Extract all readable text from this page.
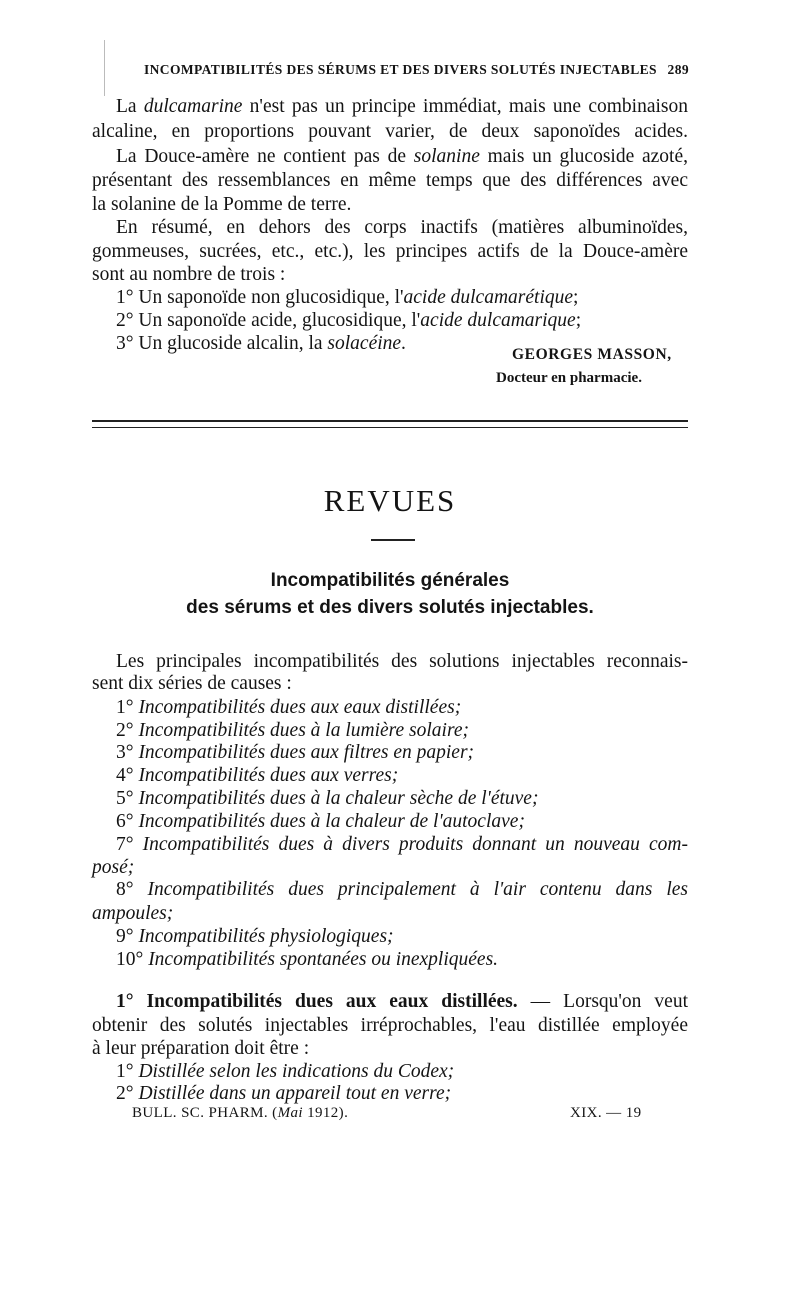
INCOMPATIBILITÉS DES SÉRUMS ET DES DIVERS SOLUTÉS INJECTABLES 289
La dulcamarine n'est pas un principe immédiat, mais une combinaison
alcaline, en proportions pouvant varier, de deux saponoïdes acides.
La Douce-amère ne contient pas de solanine mais un glucoside azoté,
présentant des ressemblances en même temps que des différences avec
la solanine de la Pomme de terre.
En résumé, en dehors des corps inactifs (matières albuminoïdes,
gommeuses, sucrées, etc., etc.), les principes actifs de la Douce-amère
sont au nombre de trois :
1° Un saponoïde non glucosidique, l'acide dulcamarétique;
2° Un saponoïde acide, glucosidique, l'acide dulcamarique;
3° Un glucoside alcalin, la solacéine.
GEORGES MASSON,
Docteur en pharmacie.
REVUES
Incompatibilités générales
des sérums et des divers solutés injectables.
Les principales incompatibilités des solutions injectables reconnais-
sent dix séries de causes :
1° Incompatibilités dues aux eaux distillées;
2° Incompatibilités dues à la lumière solaire;
3° Incompatibilités dues aux filtres en papier;
4° Incompatibilités dues aux verres;
5° Incompatibilités dues à la chaleur sèche de l'étuve;
6° Incompatibilités dues à la chaleur de l'autoclave;
7° Incompatibilités dues à divers produits donnant un nouveau com-
posé;
8° Incompatibilités dues principalement à l'air contenu dans les
ampoules;
9° Incompatibilités physiologiques;
10° Incompatibilités spontanées ou inexpliquées.
1° Incompatibilités dues aux eaux distillées. — Lorsqu'on veut
obtenir des solutés injectables irréprochables, l'eau distillée employée
à leur préparation doit être :
1° Distillée selon les indications du Codex;
2° Distillée dans un appareil tout en verre;
BULL. SC. PHARM. (Mai 1912).	XIX. — 19
